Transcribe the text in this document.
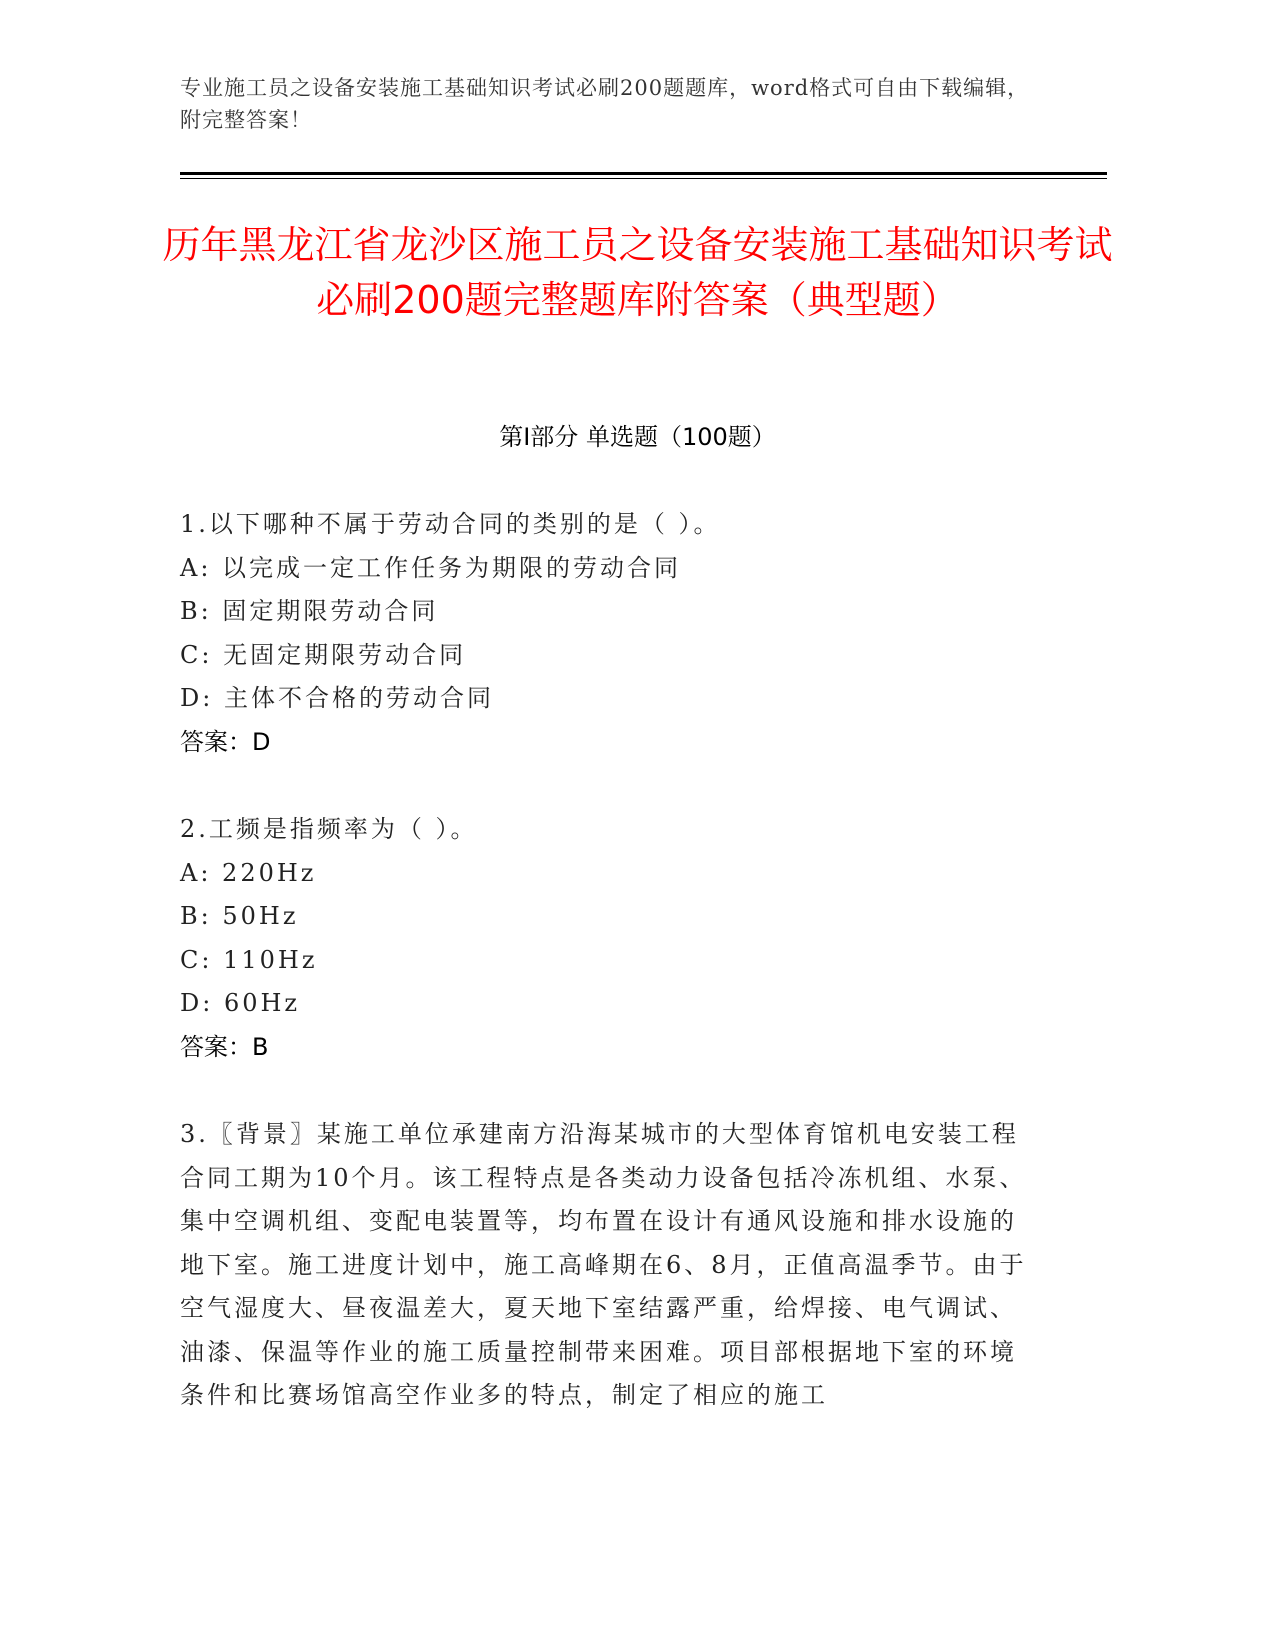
专业施工员之设备安装施工基础知识考试必刷200题题库，word格式可自由下载编辑，附完整答案！
历年黑龙江省龙沙区施工员之设备安装施工基础知识考试必刷200题完整题库附答案（典型题）
第I部分 单选题（100题）
1.以下哪种不属于劳动合同的类别的是（ ）。
A: 以完成一定工作任务为期限的劳动合同
B: 固定期限劳动合同
C: 无固定期限劳动合同
D: 主体不合格的劳动合同
答案：D
2.工频是指频率为（ ）。
A: 220Hz
B: 50Hz
C: 110Hz
D: 60Hz
答案：B

3.〖背景〗某施工单位承建南方沿海某城市的大型体育馆机电安装工程合同工期为10个月。该工程特点是各类动力设备包括冷冻机组、水泵、集中空调机组、变配电装置等，均布置在设计有通风设施和排水设施的地下室。施工进度计划中，施工高峰期在6、8月，正值高温季节。由于空气湿度大、昼夜温差大，夏天地下室结露严重，给焊接、电气调试、油漆、保温等作业的施工质量控制带来困难。项目部根据地下室的环境条件和比赛场馆高空作业多的特点，制定了相应的施工
